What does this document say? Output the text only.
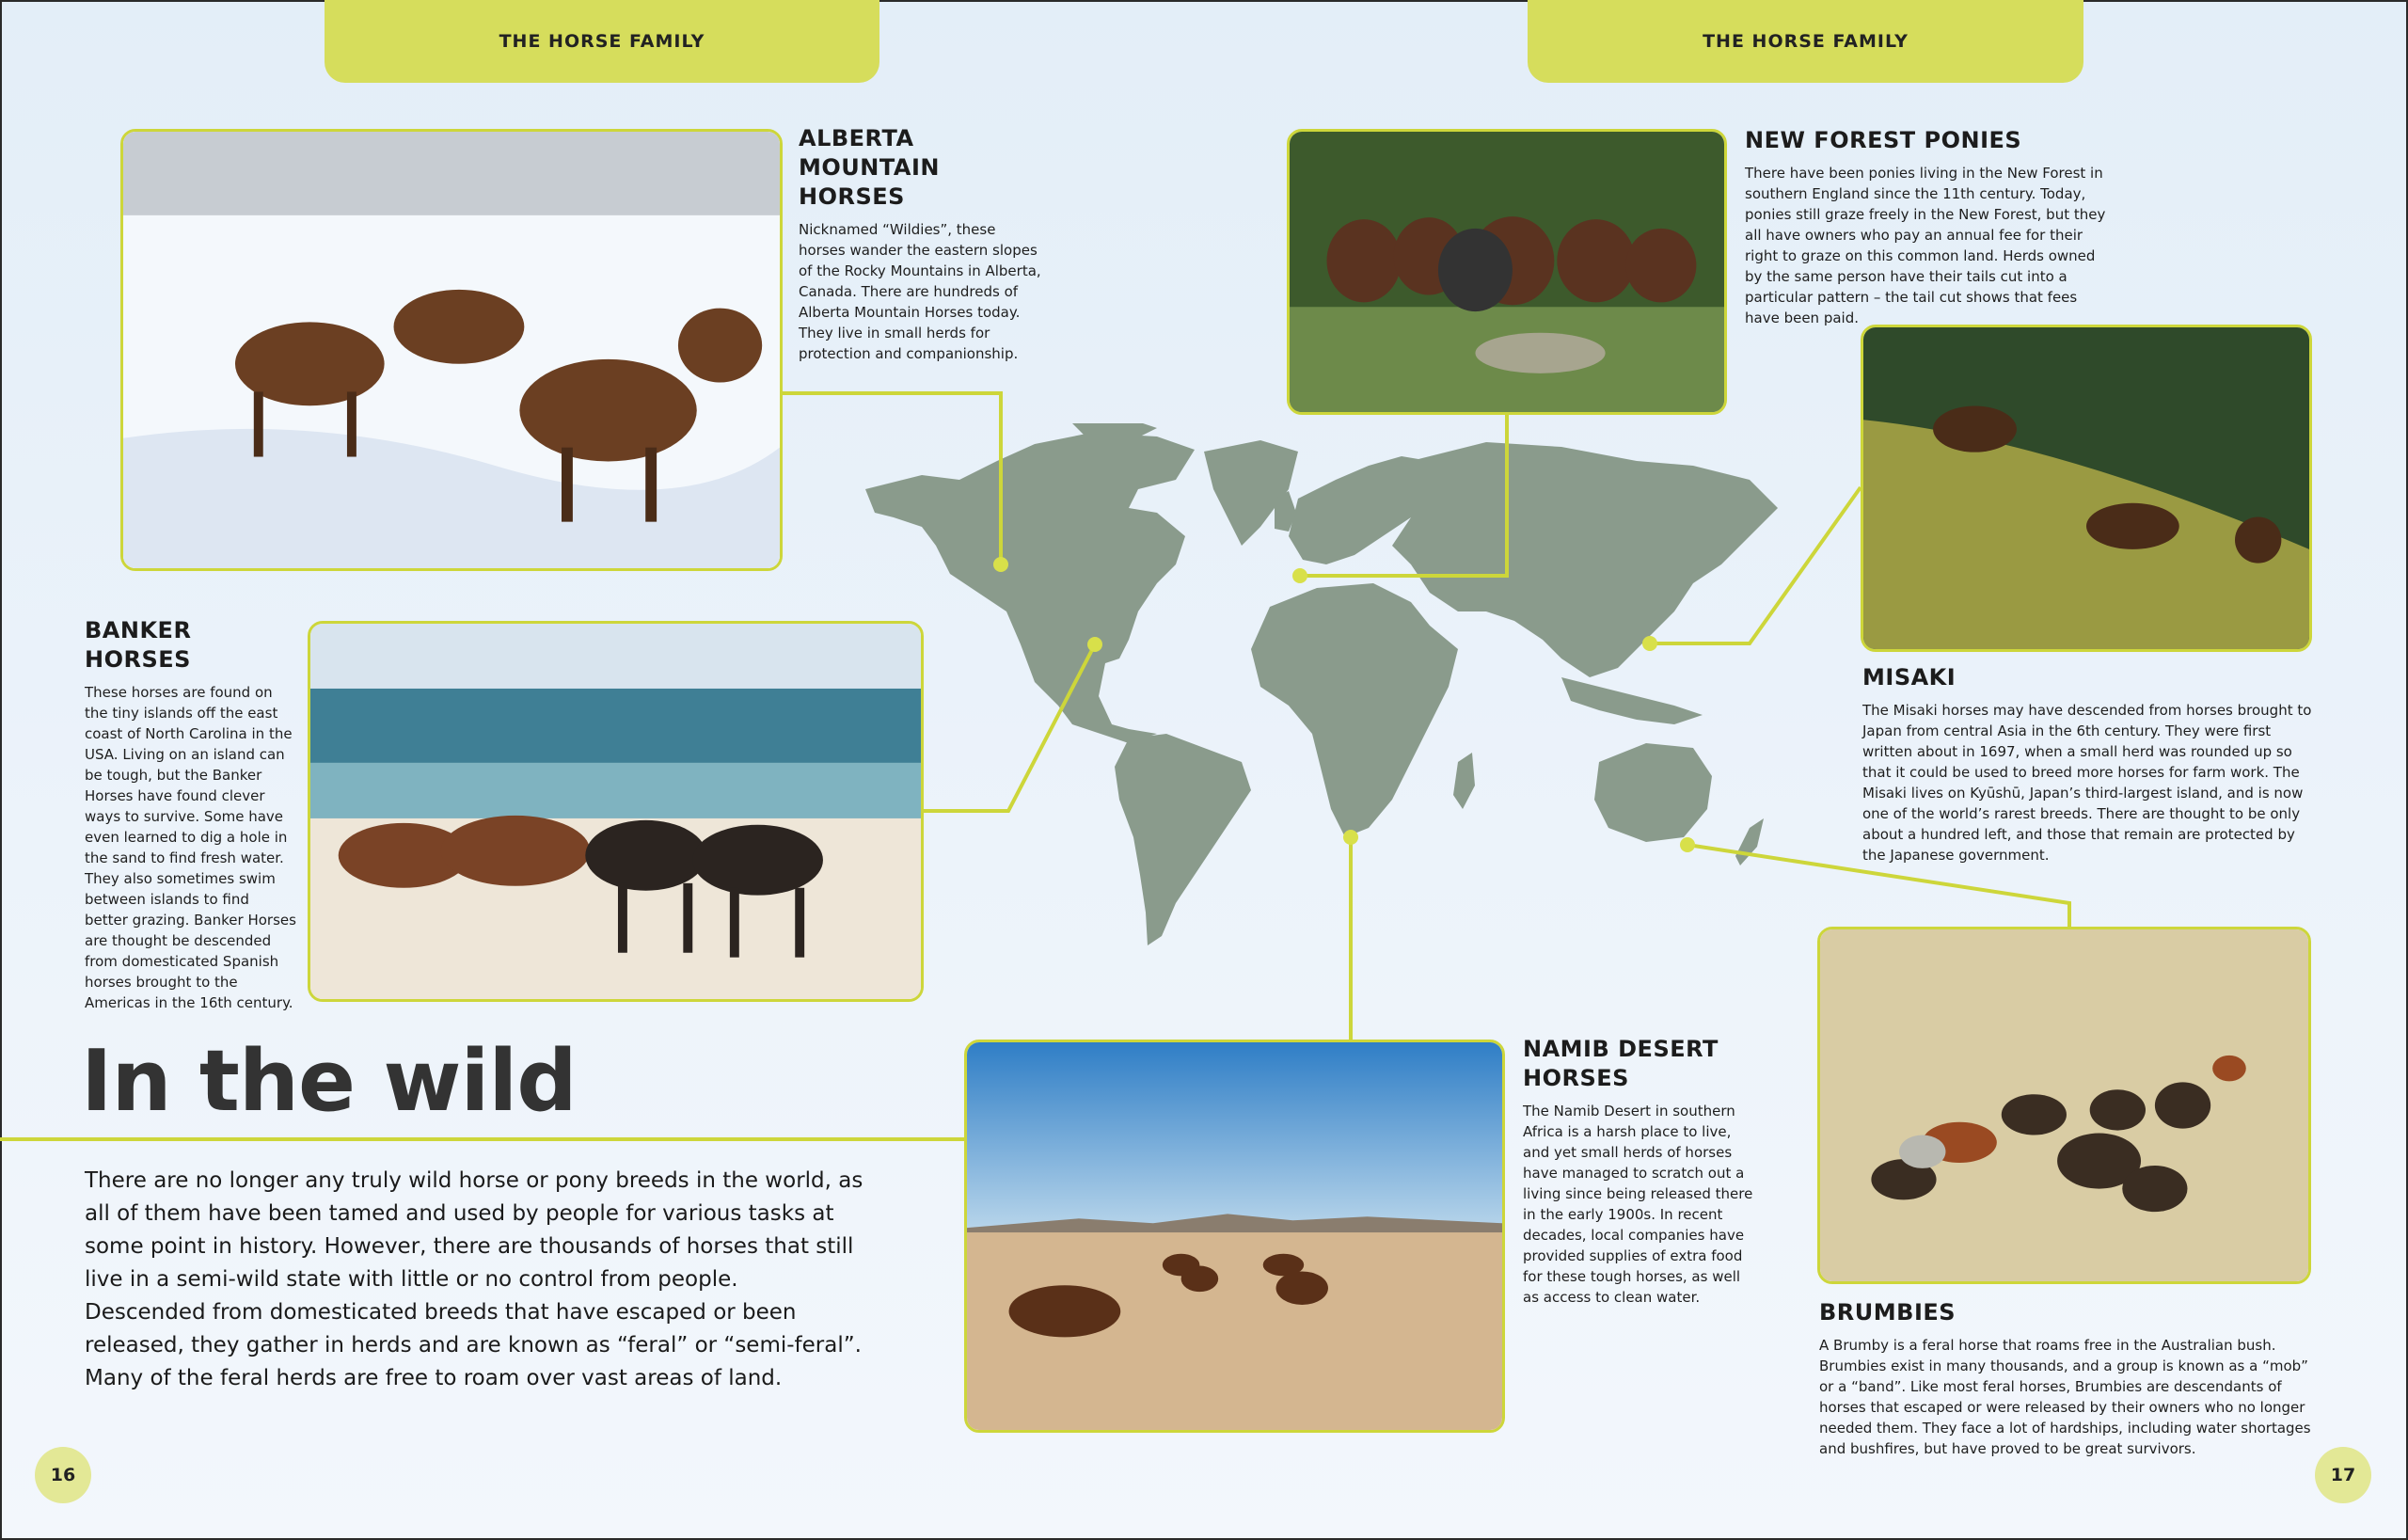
THE HORSE FAMILY	THE HORSE FAMILY
ALBERTA MOUNTAIN HORSES

Nicknamed “Wildies”, these horses wander the eastern slopes of the Rocky Mountains in Alberta, Canada. There are hundreds of Alberta Mountain Horses today. They live in small herds for protection and companionship.

BANKER HORSES

These horses are found on the tiny islands off the east coast of North Carolina in the USA. Living on an island can be tough, but the Banker Horses have found clever ways to survive. Some have even learned to dig a hole in the sand to find fresh water. They also sometimes swim between islands to find better grazing. Banker Horses are thought be descended from domesticated Spanish horses brought to the Americas in the 16th century.

NEW FOREST PONIES

There have been ponies living in the New Forest in southern England since the 11th century. Today, ponies still graze freely in the New Forest, but they all have owners who pay an annual fee for their right to graze on this common land. Herds owned by the same person have their tails cut into a particular pattern – the tail cut shows that fees have been paid.

MISAKI

The Misaki horses may have descended from horses brought to Japan from central Asia in the 6th century. They were first written about in 1697, when a small herd was rounded up so that it could be used to breed more horses for farm work. The Misaki lives on Kyūshū, Japan’s third-largest island, and is now one of the world’s rarest breeds. There are thought to be only about a hundred left, and those that remain are protected by the Japanese government.

NAMIB DESERT HORSES

The Namib Desert in southern Africa is a harsh place to live, and yet small herds of horses have managed to scratch out a living since being released there in the early 1900s. In recent decades, local companies have provided supplies of extra food for these tough horses, as well as access to clean water.

BRUMBIES

A Brumby is a feral horse that roams free in the Australian bush. Brumbies exist in many thousands, and a group is known as a “mob” or a “band”. Like most feral horses, Brumbies are descendants of horses that escaped or were released by their owners who no longer needed them. They face a lot of hardships, including water shortages and bushfires, but have proved to be great survivors.

In the wild

There are no longer any truly wild horse or pony breeds in the world, as all of them have been tamed and used by people for various tasks at some point in history. However, there are thousands of horses that still live in a semi-wild state with little or no control from people. Descended from domesticated breeds that have escaped or been released, they gather in herds and are known as “feral” or “semi-feral”. Many of the feral herds are free to roam over vast areas of land.

16	17
